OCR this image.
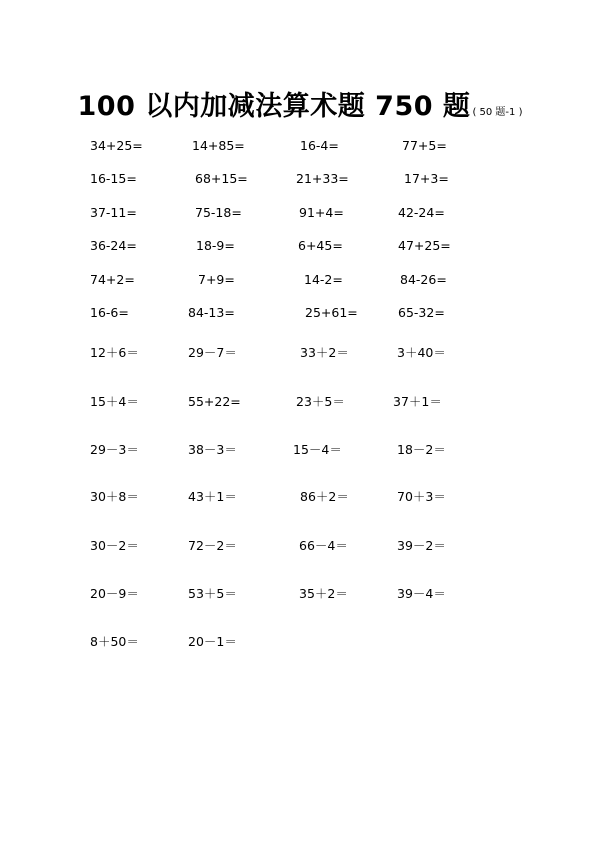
100 以内加减法算术题 750 题 ( 50 题-1 )
34+25=	14+85=	16-4=	77+5=
16-15=	68+15=	21+33=	17+3=
37-11=	75-18=	91+4=	42-24=
36-24=	18-9=	6+45=	47+25=
74+2=	7+9=	14-2=	84-26=
16-6=	84-13=	25+61=	65-32=
12＋6＝	29－7＝	33＋2＝	3＋40＝
15＋4＝	55+22=	23＋5＝	37＋1＝
29－3＝	38－3＝	15－4＝	18－2＝
30＋8＝	43＋1＝	86＋2＝	70＋3＝
30－2＝	72－2＝	66－4＝	39－2＝
20－9＝	53＋5＝	35＋2＝	39－4＝
8＋50＝	20－1＝
